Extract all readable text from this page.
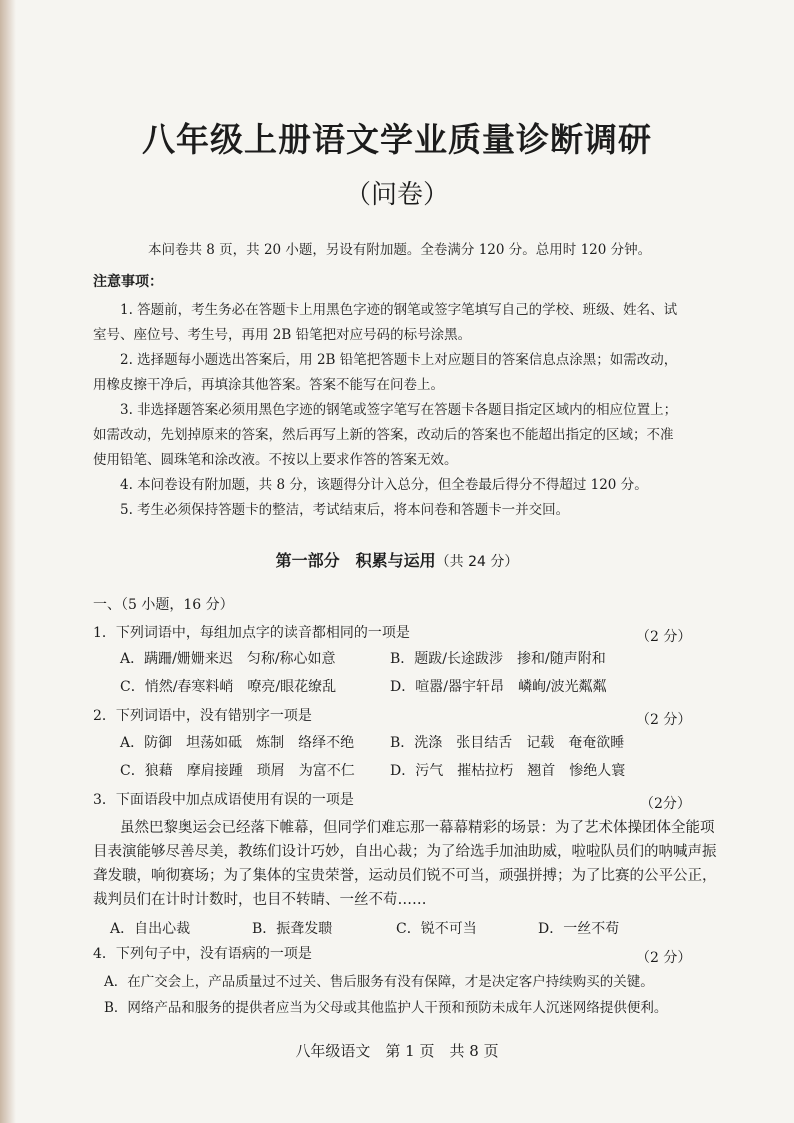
八年级上册语文学业质量诊断调研
（问卷）
本问卷共 8 页，共 20 小题，另设有附加题。全卷满分 120 分。总用时 120 分钟。
注意事项：
1. 答题前，考生务必在答题卡上用黑色字迹的钢笔或签字笔填写自己的学校、班级、姓名、试
室号、座位号、考生号，再用 2B 铅笔把对应号码的标号涂黑。
2. 选择题每小题选出答案后，用 2B 铅笔把答题卡上对应题目的答案信息点涂黑；如需改动，
用橡皮擦干净后，再填涂其他答案。答案不能写在问卷上。
3. 非选择题答案必须用黑色字迹的钢笔或签字笔写在答题卡各题目指定区域内的相应位置上；
如需改动，先划掉原来的答案，然后再写上新的答案，改动后的答案也不能超出指定的区域；不准
使用铅笔、圆珠笔和涂改液。不按以上要求作答的答案无效。
4. 本问卷设有附加题，共 8 分，该题得分计入总分，但全卷最后得分不得超过 120 分。
5. 考生必须保持答题卡的整洁，考试结束后，将本问卷和答题卡一并交回。
第一部分　积累与运用（共 24 分）
一、（5 小题，16 分）
1．下列词语中，每组加点字的读音都相同的一项是	（2 分）
A．蹒跚/姗姗来迟　匀称/称心如意	B．题跋/长途跋涉　掺和/随声附和
C．悄然/春寒料峭　嘹亮/眼花缭乱	D．喧嚣/器宇轩昂　嶙峋/波光粼粼
2．下列词语中，没有错别字一项是	（2 分）
A．防御　坦荡如砥　炼制　络绎不绝	B．洗涤　张目结舌　记载　奄奄欲睡
C．狼藉　摩肩接踵　琐屑　为富不仁	D．污气　摧枯拉朽　翘首　惨绝人寰
3．下面语段中加点成语使用有误的一项是	（2分）
虽然巴黎奥运会已经落下帷幕，但同学们难忘那一幕幕精彩的场景：为了艺术体操团体全能项
目表演能够尽善尽美，教练们设计巧妙，自出心裁；为了给选手加油助威，啦啦队员们的呐喊声振
聋发聩，响彻赛场；为了集体的宝贵荣誉，运动员们锐不可当，顽强拼搏；为了比赛的公平公正，
裁判员们在计时计数时，也目不转睛、一丝不苟……
A．自出心裁	B．振聋发聩	C．锐不可当	D．一丝不苟
4．下列句子中，没有语病的一项是	（2 分）
A．在广交会上，产品质量过不过关、售后服务有没有保障，才是决定客户持续购买的关键。
B．网络产品和服务的提供者应当为父母或其他监护人干预和预防未成年人沉迷网络提供便利。
八年级语文　第 1 页　共 8 页
